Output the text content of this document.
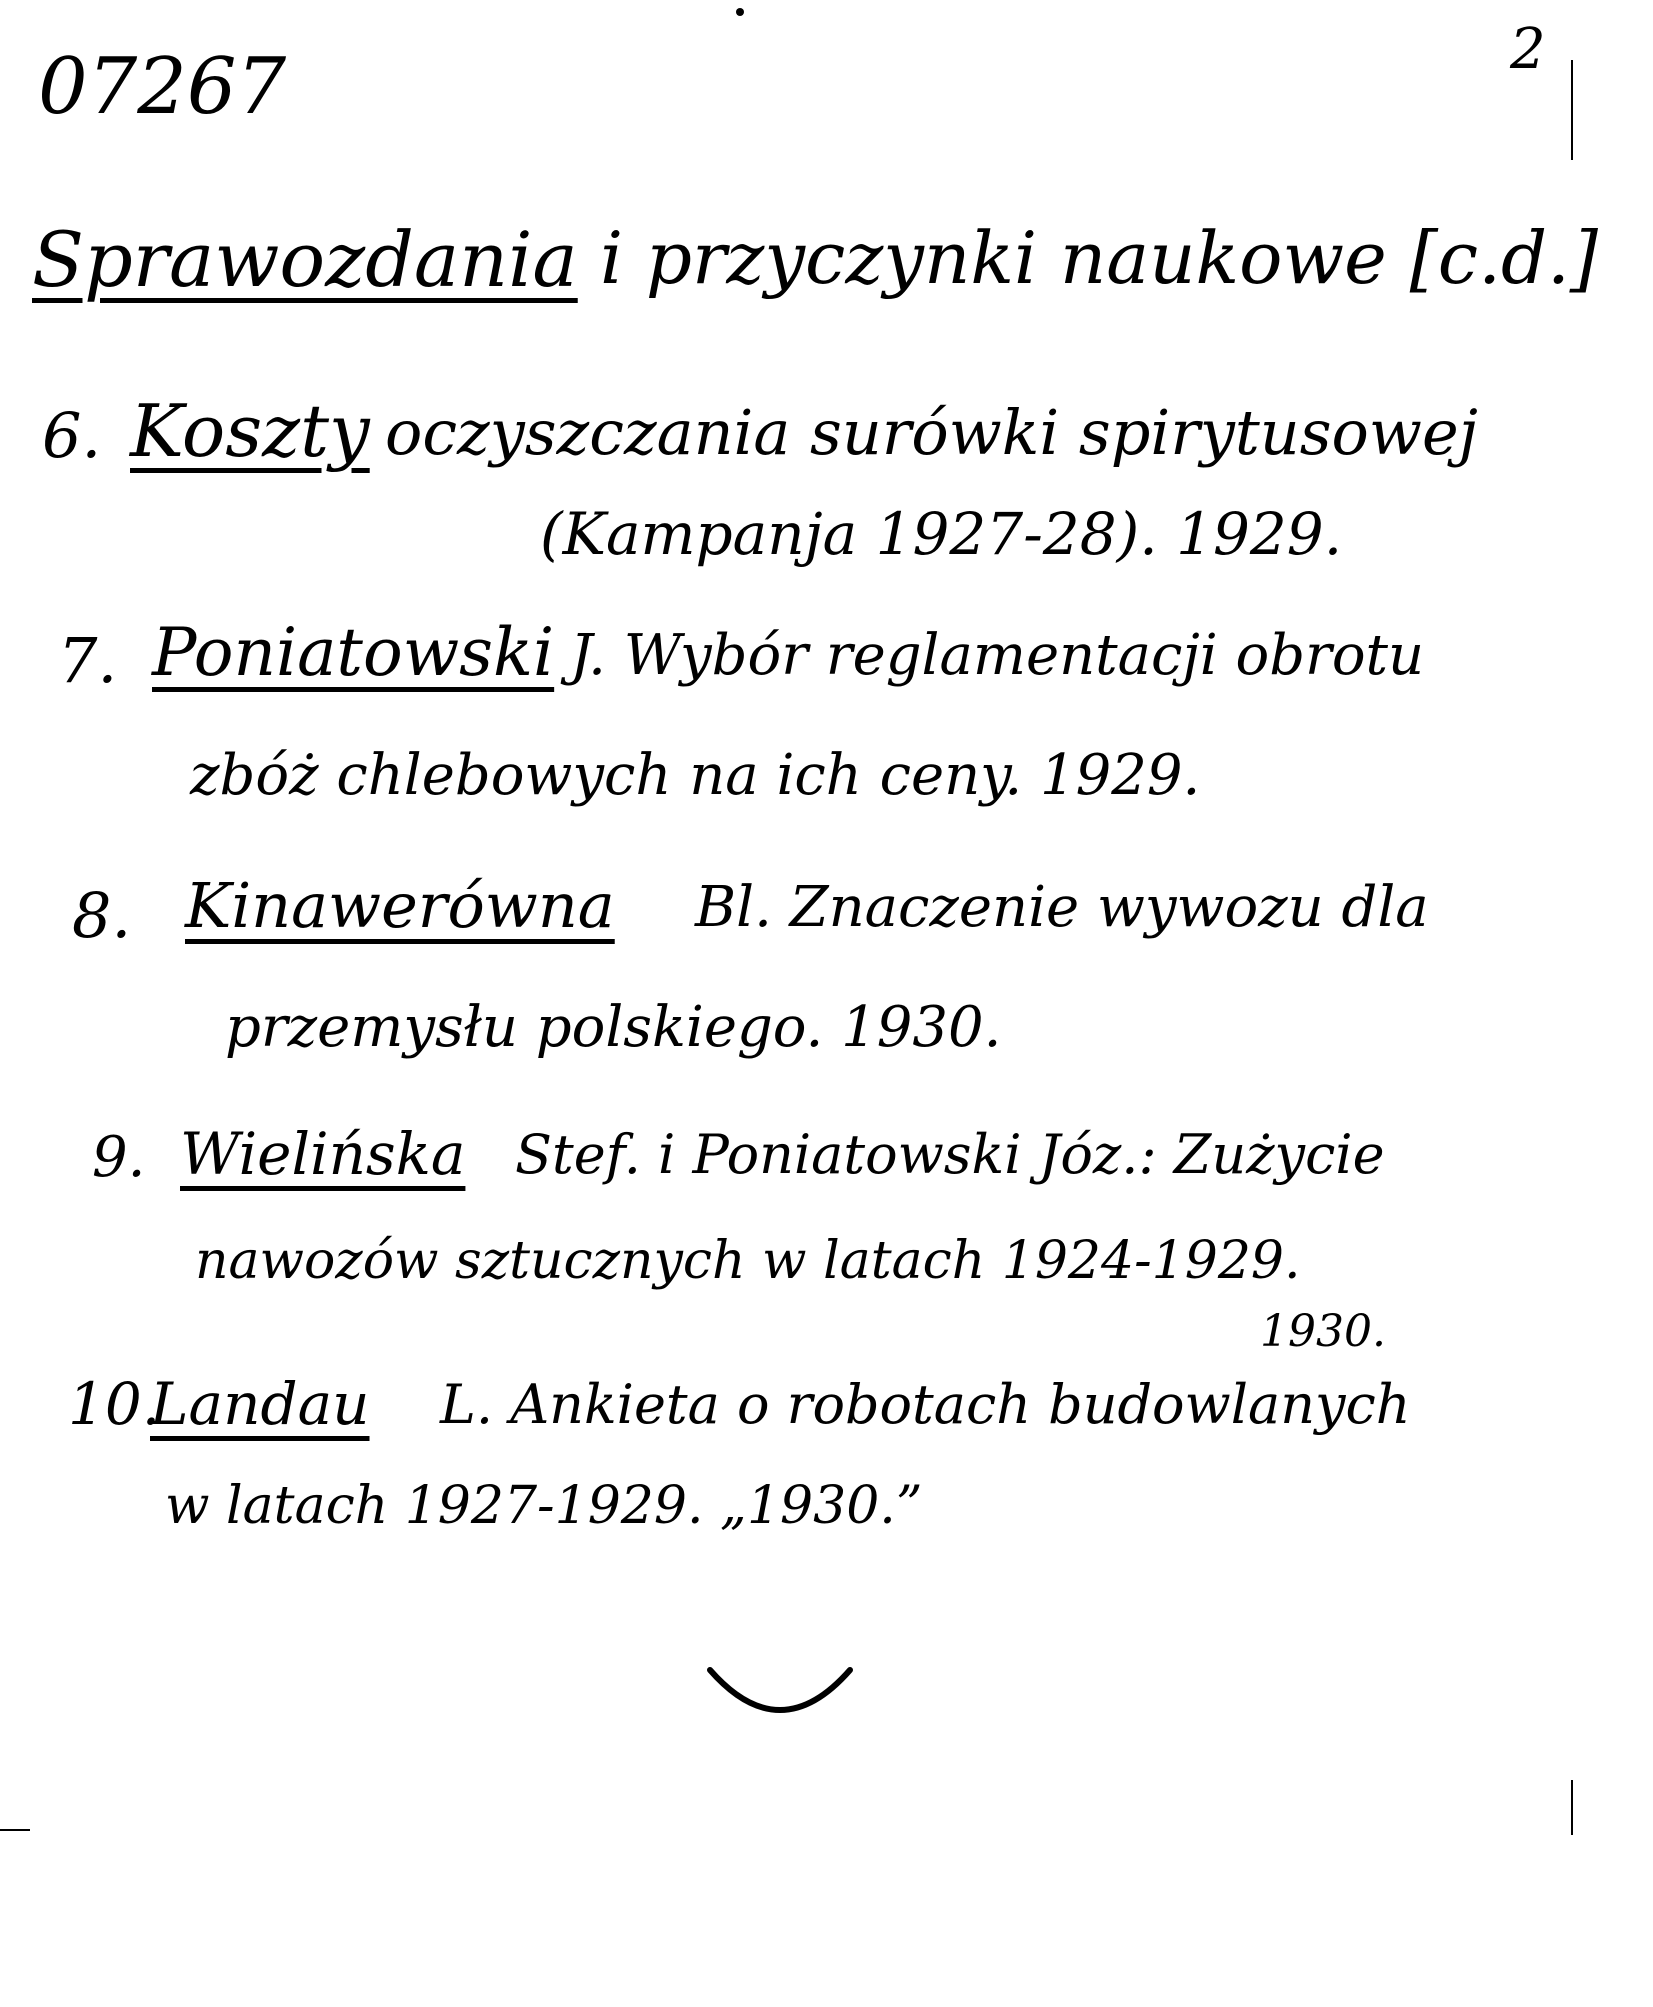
07267	2
Sprawozdania i przyczynki naukowe [c.d.]
6. Koszty oczyszczania surówki spirytusowej
(Kampanja 1927-28). 1929.
7. Poniatowski J. Wybór reglamentacji obrotu
zbóż chlebowych na ich ceny. 1929.
8. Kinawerówna Bl. Znaczenie wywozu dla
przemysłu polskiego. 1930.
9. Wielińska Stef. i Poniatowski Józ.: Zużycie
nawozów sztucznych w latach 1924-1929.
1930.
10.
Landau L. Ankieta o robotach budowlanych
w latach 1927-1929. „1930.”
